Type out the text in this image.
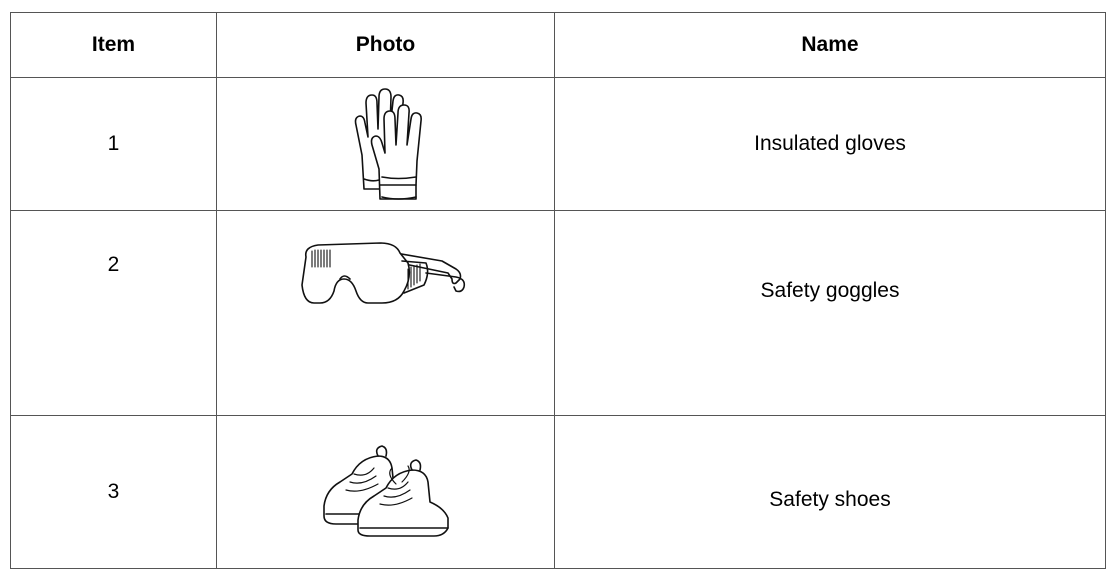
Item	Photo	Name
1		Insulated gloves
2		Safety goggles
3		Safety shoes
